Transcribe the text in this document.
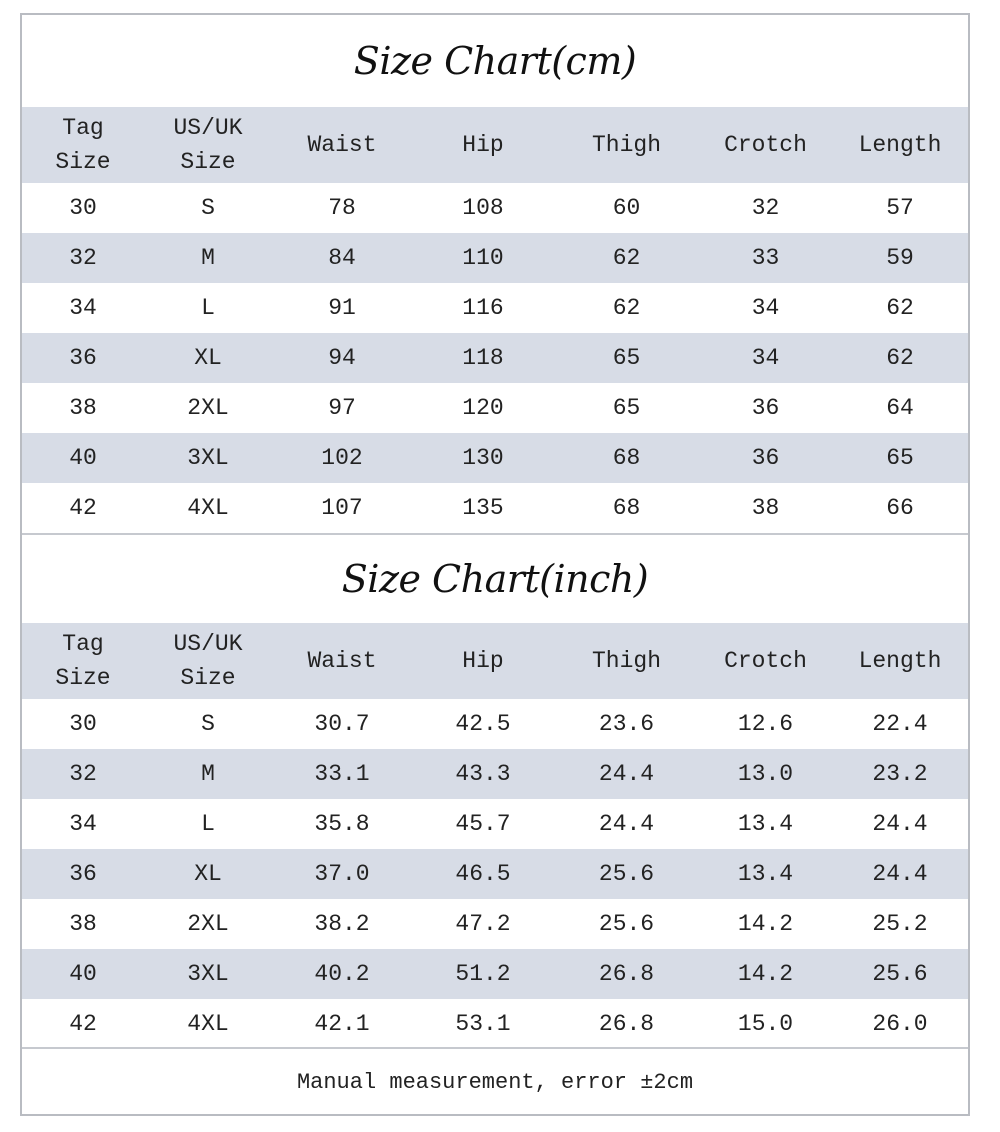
Size Chart(cm)
Tag Size	US/UK Size	Waist	Hip	Thigh	Crotch	Length
30	S	78	108	60	32	57
32	M	84	110	62	33	59
34	L	91	116	62	34	62
36	XL	94	118	65	34	62
38	2XL	97	120	65	36	64
40	3XL	102	130	68	36	65
42	4XL	107	135	68	38	66
Size Chart(inch)
Tag Size	US/UK Size	Waist	Hip	Thigh	Crotch	Length
30	S	30.7	42.5	23.6	12.6	22.4
32	M	33.1	43.3	24.4	13.0	23.2
34	L	35.8	45.7	24.4	13.4	24.4
36	XL	37.0	46.5	25.6	13.4	24.4
38	2XL	38.2	47.2	25.6	14.2	25.2
40	3XL	40.2	51.2	26.8	14.2	25.6
42	4XL	42.1	53.1	26.8	15.0	26.0
Manual measurement, error ±2cm
